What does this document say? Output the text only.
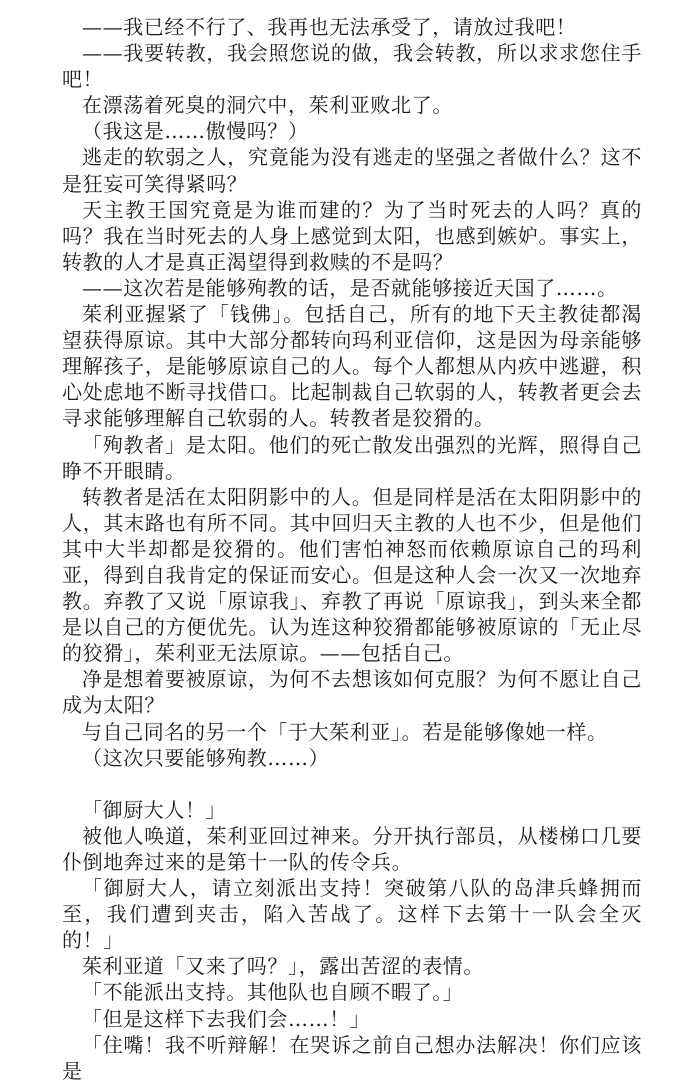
——我已经不行了、我再也无法承受了，请放过我吧！

——我要转教，我会照您说的做，我会转教，所以求求您住手吧！

在漂荡着死臭的洞穴中，茱利亚败北了。

（我这是……傲慢吗？）

逃走的软弱之人，究竟能为没有逃走的坚强之者做什么？这不是狂妄可笑得紧吗？

天主教王国究竟是为谁而建的？为了当时死去的人吗？真的吗？我在当时死去的人身上感觉到太阳，也感到嫉妒。事实上，转教的人才是真正渴望得到救赎的不是吗？

——这次若是能够殉教的话，是否就能够接近天国了……。

茱利亚握紧了「钱佛」。包括自己，所有的地下天主教徒都渴望获得原谅。其中大部分都转向玛利亚信仰，这是因为母亲能够理解孩子，是能够原谅自己的人。每个人都想从内疚中逃避，积心处虑地不断寻找借口。比起制裁自己软弱的人，转教者更会去寻求能够理解自己软弱的人。转教者是狡猾的。

「殉教者」是太阳。他们的死亡散发出强烈的光辉，照得自己睁不开眼睛。

转教者是活在太阳阴影中的人。但是同样是活在太阳阴影中的人，其末路也有所不同。其中回归天主教的人也不少，但是他们其中大半却都是狡猾的。他们害怕神怒而依赖原谅自己的玛利亚，得到自我肯定的保证而安心。但是这种人会一次又一次地弃教。弃教了又说「原谅我」、弃教了再说「原谅我」，到头来全都是以自己的方便优先。认为连这种狡猾都能够被原谅的「无止尽的狡猾」，茱利亚无法原谅。——包括自己。

净是想着要被原谅，为何不去想该如何克服？为何不愿让自己成为太阳？

与自己同名的另一个「于大茱利亚」。若是能够像她一样。

（这次只要能够殉教……）

「御厨大人！」

被他人唤道，茱利亚回过神来。分开执行部员，从楼梯口几要仆倒地奔过来的是第十一队的传令兵。

「御厨大人，请立刻派出支持！突破第八队的岛津兵蜂拥而至，我们遭到夹击，陷入苦战了。这样下去第十一队会全灭的！」

茱利亚道「又来了吗？」，露出苦涩的表情。

「不能派出支持。其他队也自顾不暇了。」

「但是这样下去我们会……！」

「住嘴！我不听辩解！在哭诉之前自己想办法解决！你们应该是
